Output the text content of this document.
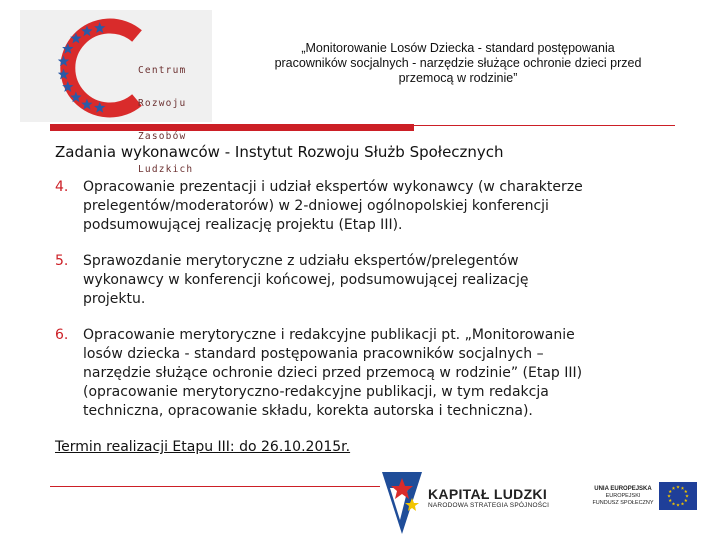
Centrum

Rozwoju

Zasobów

Ludzkich

„Monitorowanie Losów Dziecka - standard postępowania
pracowników socjalnych - narzędzie służące ochronie dzieci przed
przemocą w rodzinie”
Zadania wykonawców - Instytut Rozwoju Służb Społecznych
4. Opracowanie prezentacji i udział ekspertów wykonawcy (w charakterze
prelegentów/moderatorów) w 2-dniowej ogólnopolskiej konferencji
podsumowującej realizację projektu (Etap III).
5. Sprawozdanie merytoryczne z udziału ekspertów/prelegentów
wykonawcy w konferencji końcowej, podsumowującej realizację
projektu.
6. Opracowanie merytoryczne i redakcyjne publikacji pt. „Monitorowanie
losów dziecka - standard postępowania pracowników socjalnych –
narzędzie służące ochronie dzieci przed przemocą w rodzinie” (Etap III)
(opracowanie merytoryczno-redakcyjne publikacji, w tym redakcja
techniczna, opracowanie składu, korekta autorska i techniczna).
Termin realizacji Etapu III: do 26.10.2015r.
KAPITAŁ LUDZKI
NARODOWA STRATEGIA SPÓJNOŚCI
UNIA EUROPEJSKA
EUROPEJSKI
FUNDUSZ SPOŁECZNY
